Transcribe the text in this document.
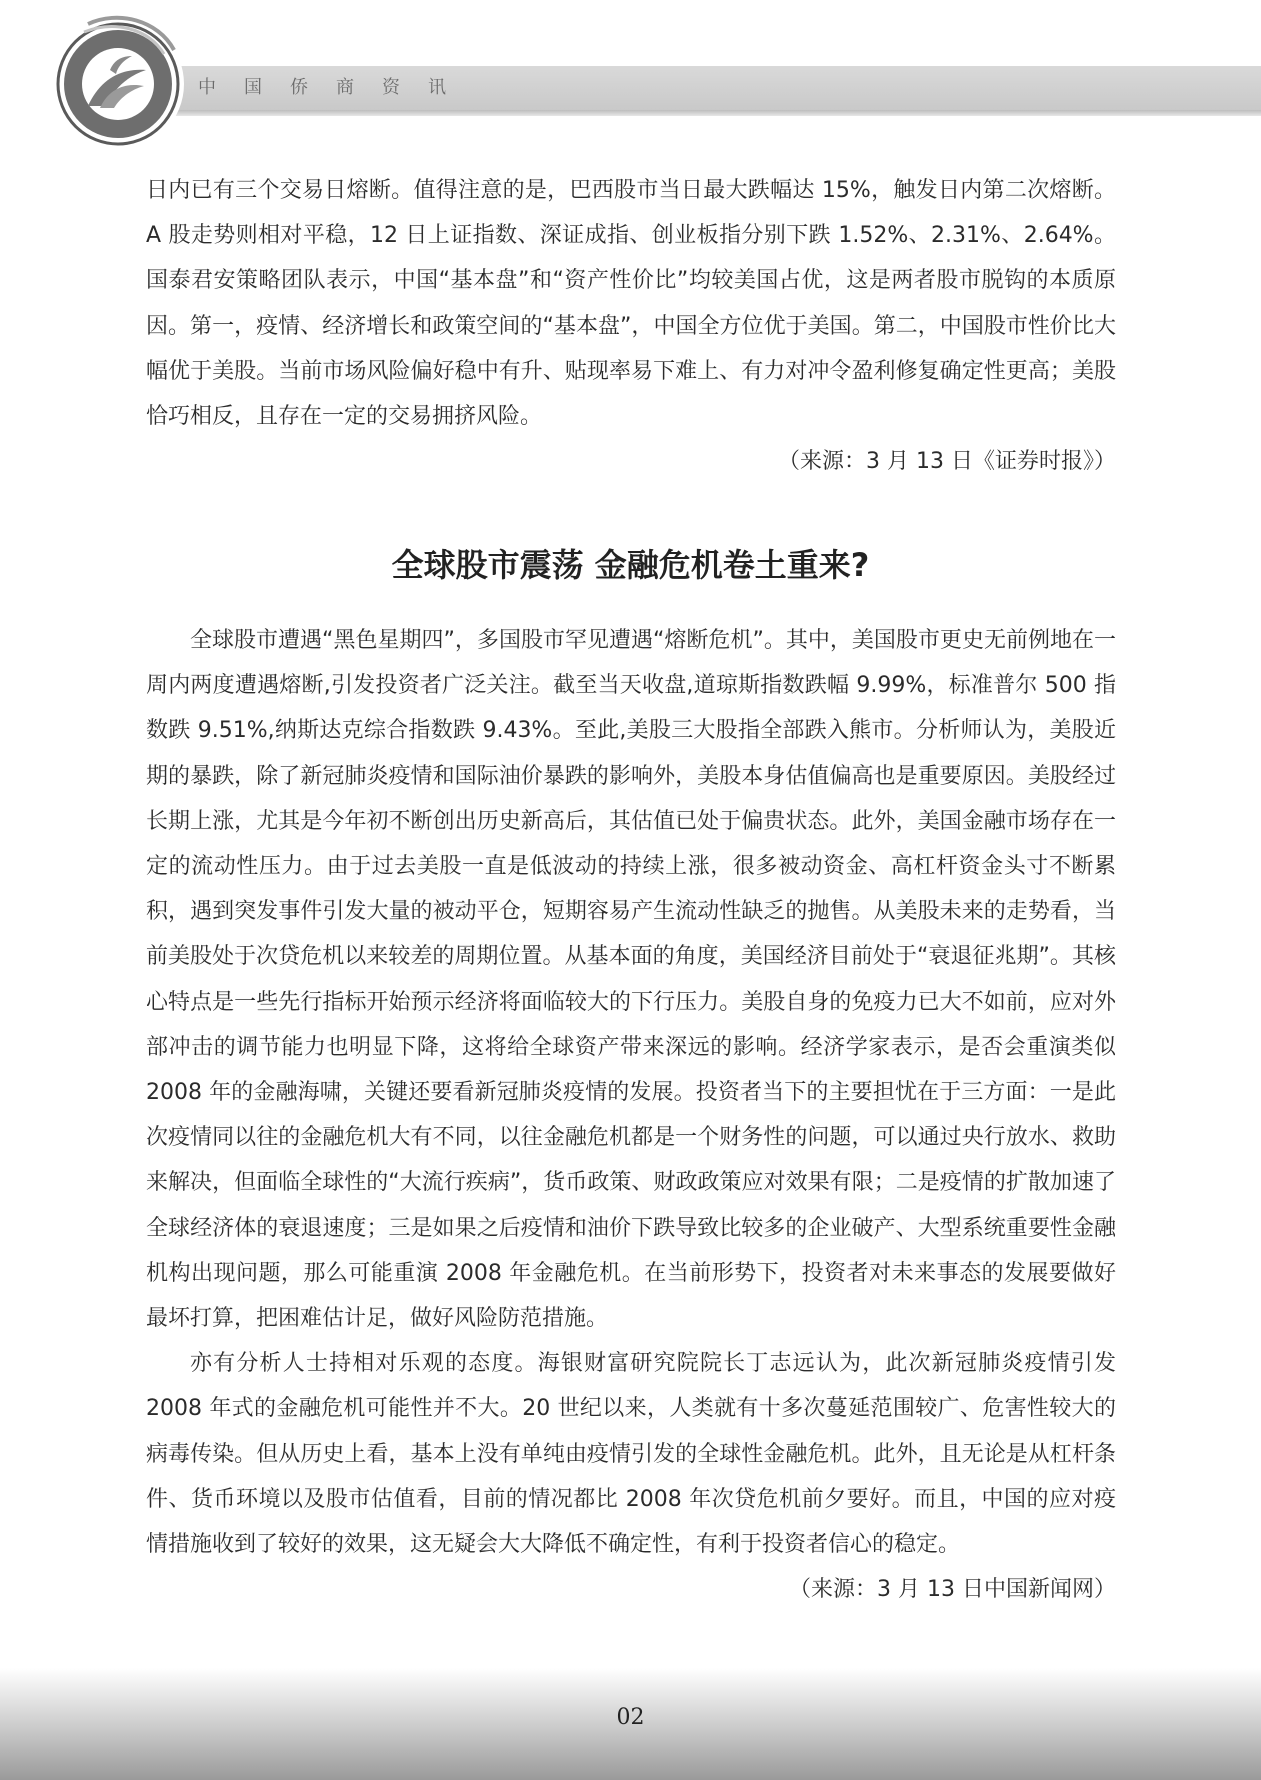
中国侨商资讯

日内已有三个交易日熔断。值得注意的是，巴西股市当日最大跌幅达 15%，触发日内第二次熔断。A 股走势则相对平稳，12 日上证指数、深证成指、创业板指分别下跌 1.52%、2.31%、2.64%。国泰君安策略团队表示，中国“基本盘”和“资产性价比”均较美国占优，这是两者股市脱钩的本质原因。第一，疫情、经济增长和政策空间的“基本盘”，中国全方位优于美国。第二，中国股市性价比大幅优于美股。当前市场风险偏好稳中有升、贴现率易下难上、有力对冲令盈利修复确定性更高；美股恰巧相反，且存在一定的交易拥挤风险。

（来源：3 月 13 日《证券时报》）

全球股市震荡 金融危机卷土重来?

全球股市遭遇“黑色星期四”，多国股市罕见遭遇“熔断危机”。其中，美国股市更史无前例地在一周内两度遭遇熔断,引发投资者广泛关注。截至当天收盘,道琼斯指数跌幅 9.99%，标准普尔 500 指数跌 9.51%,纳斯达克综合指数跌 9.43%。至此,美股三大股指全部跌入熊市。分析师认为，美股近期的暴跌，除了新冠肺炎疫情和国际油价暴跌的影响外，美股本身估值偏高也是重要原因。美股经过长期上涨，尤其是今年初不断创出历史新高后，其估值已处于偏贵状态。此外，美国金融市场存在一定的流动性压力。由于过去美股一直是低波动的持续上涨，很多被动资金、高杠杆资金头寸不断累积，遇到突发事件引发大量的被动平仓，短期容易产生流动性缺乏的抛售。从美股未来的走势看，当前美股处于次贷危机以来较差的周期位置。从基本面的角度，美国经济目前处于“衰退征兆期”。其核心特点是一些先行指标开始预示经济将面临较大的下行压力。美股自身的免疫力已大不如前，应对外部冲击的调节能力也明显下降，这将给全球资产带来深远的影响。经济学家表示，是否会重演类似 2008 年的金融海啸，关键还要看新冠肺炎疫情的发展。投资者当下的主要担忧在于三方面：一是此次疫情同以往的金融危机大有不同，以往金融危机都是一个财务性的问题，可以通过央行放水、救助来解决，但面临全球性的“大流行疾病”，货币政策、财政政策应对效果有限；二是疫情的扩散加速了全球经济体的衰退速度；三是如果之后疫情和油价下跌导致比较多的企业破产、大型系统重要性金融机构出现问题，那么可能重演 2008 年金融危机。在当前形势下，投资者对未来事态的发展要做好最坏打算，把困难估计足，做好风险防范措施。

亦有分析人士持相对乐观的态度。海银财富研究院院长丁志远认为，此次新冠肺炎疫情引发 2008 年式的金融危机可能性并不大。20 世纪以来，人类就有十多次蔓延范围较广、危害性较大的病毒传染。但从历史上看，基本上没有单纯由疫情引发的全球性金融危机。此外，且无论是从杠杆条件、货币环境以及股市估值看，目前的情况都比 2008 年次贷危机前夕要好。而且，中国的应对疫情措施收到了较好的效果，这无疑会大大降低不确定性，有利于投资者信心的稳定。
（来源：3 月 13 日中国新闻网）

02
